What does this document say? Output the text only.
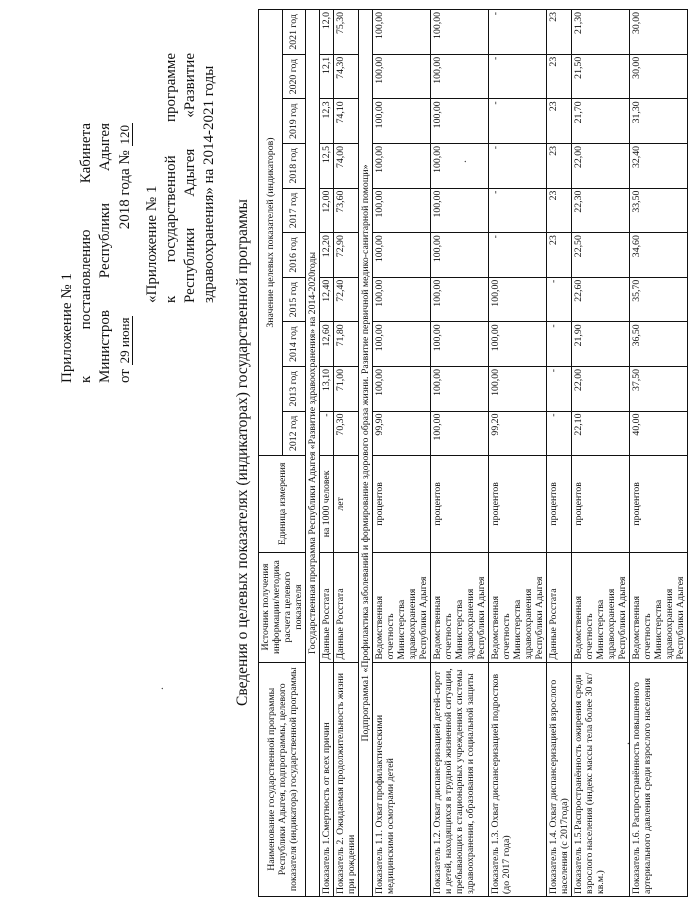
.
.
.
Приложение № 1 к
постановлению
Кабинета
Министров
Республики
Адыгея
от 29 июня
2018 года № 120
«Приложение № 1 к
государственной
программе
Республики
Адыгея
«Развитие здравоохранения» на 2014-2021 годы
Сведения о целевых показателях (индикаторах) государственной программы
Наименование государственной программы Республики Адыгея, подпрограммы, целевого показателя (индикатора) государственной программы	Источник получения информации/методика расчета целевого показателя	Единица измерения	Значение целевых показателей (индикаторов)									
			2012 год	2013 год	2014 год	2015 год	2016 год	2017 год	2018 год	2019 год	2020 год	2021 год
Государственная программа Республики Адыгея «Развитие здравоохранения» на 2014-2020годы												
Показатель 1.Смертность от всех причин	Данные Росстата	на 1000 человек	-	13,10	12,60	12,40	12,20	12,00	12,5	12,3	12,1	12,0
Показатель 2. Ожидаемая продолжительность жизни при рождении	Данные Росстата	лет	70,30	71,00	71,80	72,40	72,90	73,60	74,00	74,10	74,30	75,30
Подпрограмма1 «Профилактика заболеваний и формирование здорового образа жизни. Развитие первичной медико-санитарной помощи»												
Показатель 1.1. Охват профилактическими медицинскими осмотрами детей	Ведомственная отчетность Министерства здравоохранения Республики Адыгея	процентов	99,90	100,00	100,00	100,00	100,00	100,00	100,00	100,00	100,00	100,00
Показатель 1.2. Охват диспансеризацией детей-сирот и детей, находящихся в трудной жизненной ситуации, пребывающих в стационарных учреждениях системы здравоохранения, образования и социальной защиты	Ведомственная отчетность Министерства здравоохранения Республики Адыгея	процентов	100,00	100,00	100,00	100,00	100,00	100,00	100,00	100,00	100,00	100,00
Показатель 1.3. Охват диспансеризацией подростков (до 2017 года)	Ведомственная отчетность Министерства здравоохранения Республики Адыгея	процентов	99,20	100,00	100,00	100,00	-	-	-	-	-	-
Показатель 1.4. Охват диспансеризацией взрослого населения (с 2017года)	Данные Росстата	процентов	-	-	-	-	23	23	23	23	23	23
Показатель 1.5.Распространённость ожирения среди взрослого населения (индекс массы тела более 30 кг/кв.м.)	Ведомственная отчетность Министерства здравоохранения Республики Адыгея	процентов	22,10	22,00	21,90	22,60	22,50	22,30	22,00	21,70	21,50	21,30
Показатель 1.6. Распространённость повышенного артериального давления среди взрослого населения	Ведомственная отчетность Министерства здравоохранения Республики Адыгея	процентов	40,00	37,50	36,50	35,70	34,60	33,50	32,40	31,30	30,00	30,00
